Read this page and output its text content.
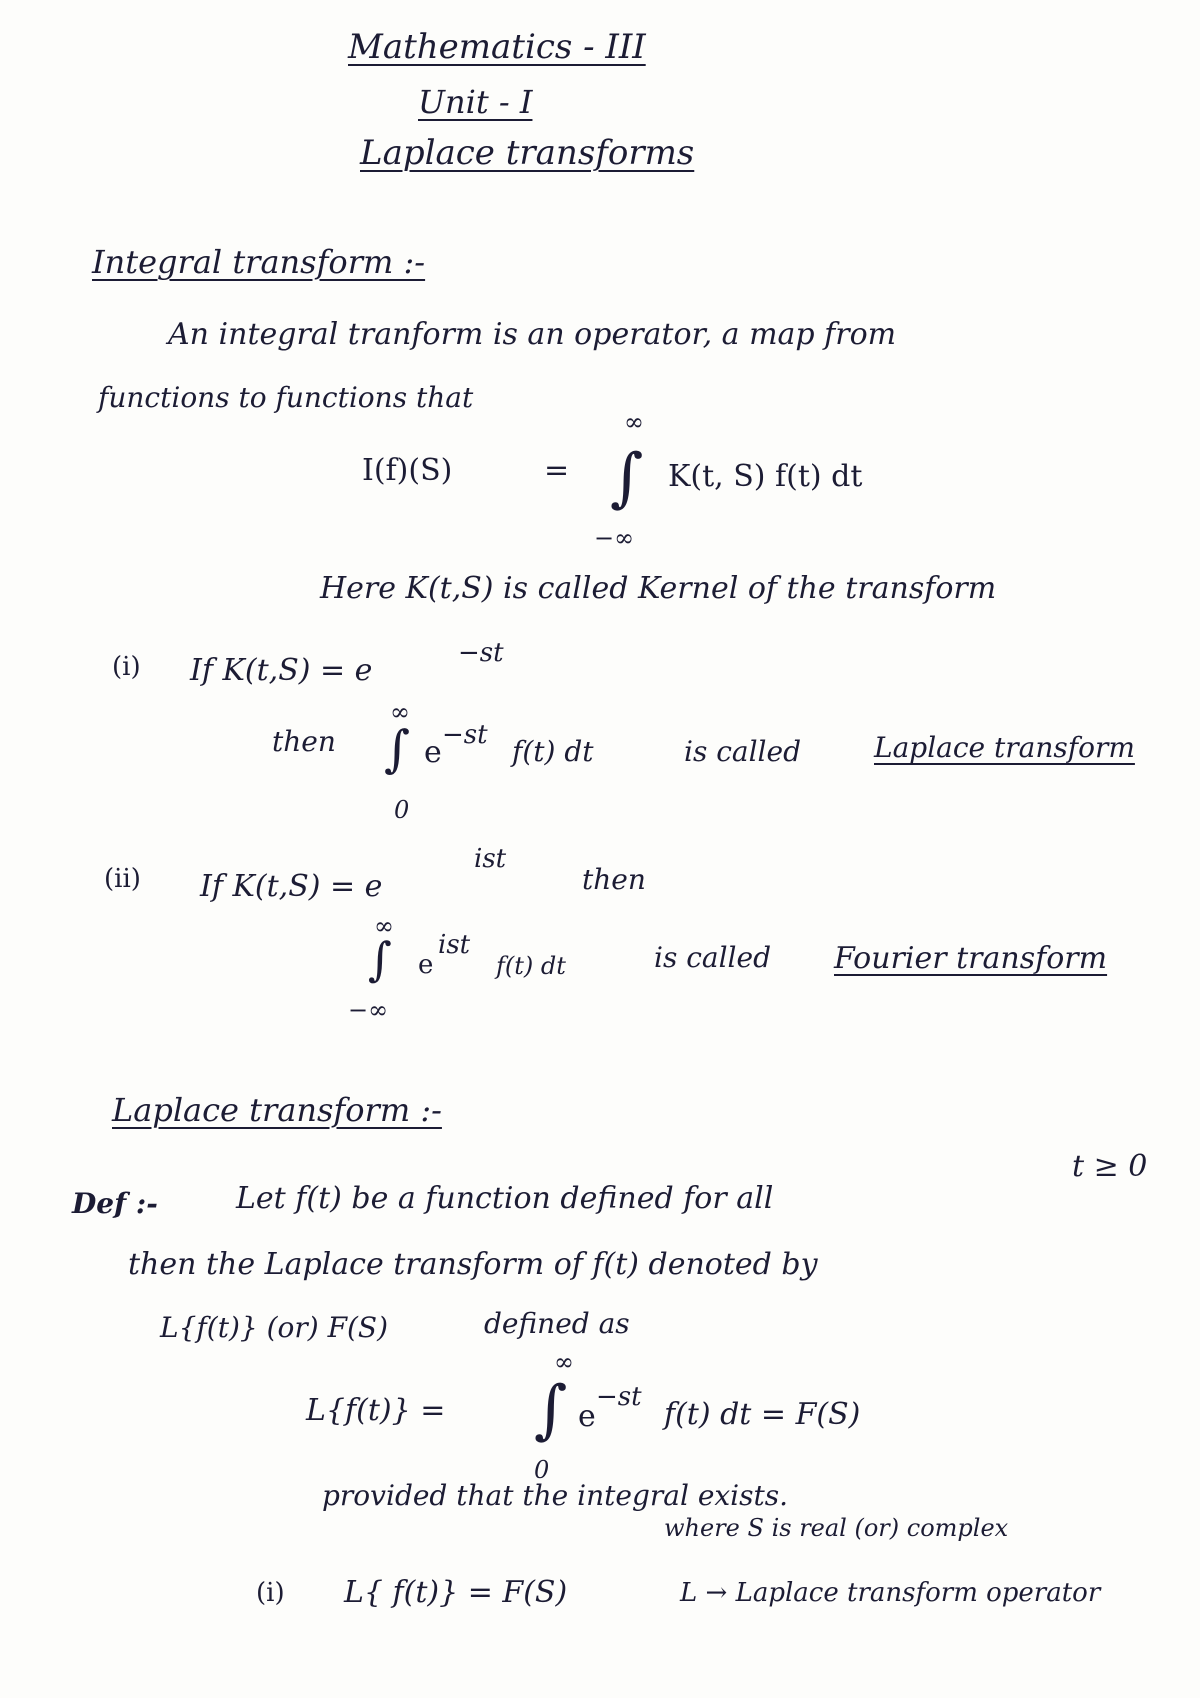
Mathematics - III
Unit - I
Laplace transforms
Integral transform :-
An integral tranform is an operator, a map from
functions to functions that
I(f)(S)	=
∞
∫ K(t, S) f(t) dt
−∞
Here K(t,S) is called Kernel of the transform
(i) If K(t,S) = e	−st
then
∞
∫ e −st f(t) dt
0
is called	Laplace transform
(ii) If K(t,S) = e
ist
then
∞
∫ e
ist
f(t) dt
−∞
is called Fourier transform
Laplace transform :-
Def :-	Let f(t) be a function defined for all
t ≥ 0
then the Laplace transform of f(t) denoted by
L{f(t)} (or) F(S)	defined as
L{f(t)} =
∞
∫ e
−st f(t) dt = F(S)
0
provided that the integral exists.
where S is real (or) complex
(i) L{ f(t)} = F(S)	L → Laplace transform operator
